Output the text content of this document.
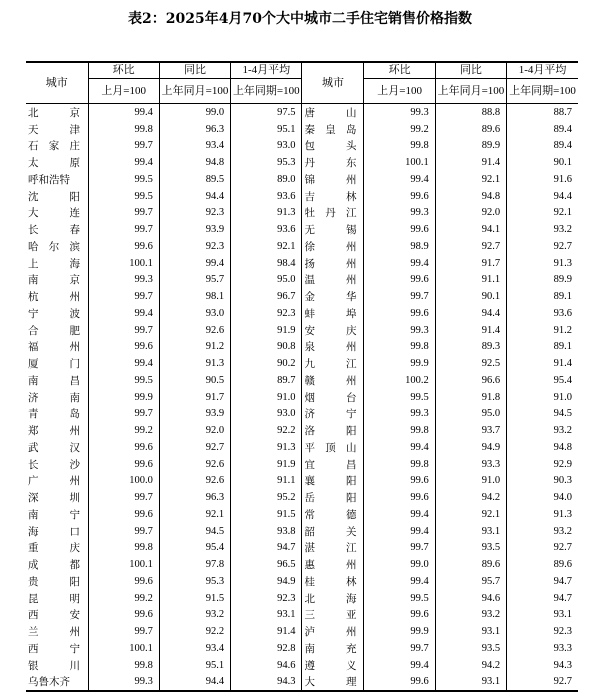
表2：2025年4月70个大中城市二手住宅销售价格指数
城市	环比	同比	1-4月平均	城市	环比	同比	1-4月平均
	上月=100	上年同月=100	上年同期=100		上月=100	上年同月=100	上年同期=100

北 京	99.4	99.0	97.5	唐 山	99.3	88.8	88.7

天 津	99.8	96.3	95.1	秦 皇 岛	99.2	89.6	89.4

石 家 庄	99.7	93.4	93.0	包 头	99.8	89.9	89.4

太 原	99.4	94.8	95.3	丹 东	100.1	91.4	90.1

呼和浩特	99.5	89.5	89.0	锦 州	99.4	92.1	91.6

沈 阳	99.5	94.4	93.6	吉 林	99.6	94.8	94.4

大 连	99.7	92.3	91.3	牡 丹 江	99.3	92.0	92.1

长 春	99.7	93.9	93.6	无 锡	99.6	94.1	93.2

哈 尔 滨	99.6	92.3	92.1	徐 州	98.9	92.7	92.7

上 海	100.1	99.4	98.4	扬 州	99.4	91.7	91.3

南 京	99.3	95.7	95.0	温 州	99.6	91.1	89.9

杭 州	99.7	98.1	96.7	金 华	99.7	90.1	89.1

宁 波	99.4	93.0	92.3	蚌 埠	99.6	94.4	93.6

合 肥	99.7	92.6	91.9	安 庆	99.3	91.4	91.2

福 州	99.6	91.2	90.8	泉 州	99.8	89.3	89.1

厦 门	99.4	91.3	90.2	九 江	99.9	92.5	91.4

南 昌	99.5	90.5	89.7	赣 州	100.2	96.6	95.4

济 南	99.9	91.7	91.0	烟 台	99.5	91.8	91.0

青 岛	99.7	93.9	93.0	济 宁	99.3	95.0	94.5

郑 州	99.2	92.0	92.2	洛 阳	99.8	93.7	93.2

武 汉	99.6	92.7	91.3	平 顶 山	99.4	94.9	94.8

长 沙	99.6	92.6	91.9	宜 昌	99.8	93.3	92.9

广 州	100.0	92.6	91.1	襄 阳	99.6	91.0	90.3

深 圳	99.7	96.3	95.2	岳 阳	99.6	94.2	94.0

南 宁	99.6	92.1	91.5	常 德	99.4	92.1	91.3

海 口	99.7	94.5	93.8	韶 关	99.4	93.1	93.2

重 庆	99.8	95.4	94.7	湛 江	99.7	93.5	92.7

成 都	100.1	97.8	96.5	惠 州	99.0	89.6	89.6

贵 阳	99.6	95.3	94.9	桂 林	99.4	95.7	94.7

昆 明	99.2	91.5	92.3	北 海	99.5	94.6	94.7

西 安	99.6	93.2	93.1	三 亚	99.6	93.2	93.1

兰 州	99.7	92.2	91.4	泸 州	99.9	93.1	92.3

西 宁	100.1	93.4	92.8	南 充	99.7	93.5	93.3

银 川	99.8	95.1	94.6	遵 义	99.4	94.2	94.3

乌鲁木齐	99.3	94.4	94.3	大 理	99.6	93.1	92.7
